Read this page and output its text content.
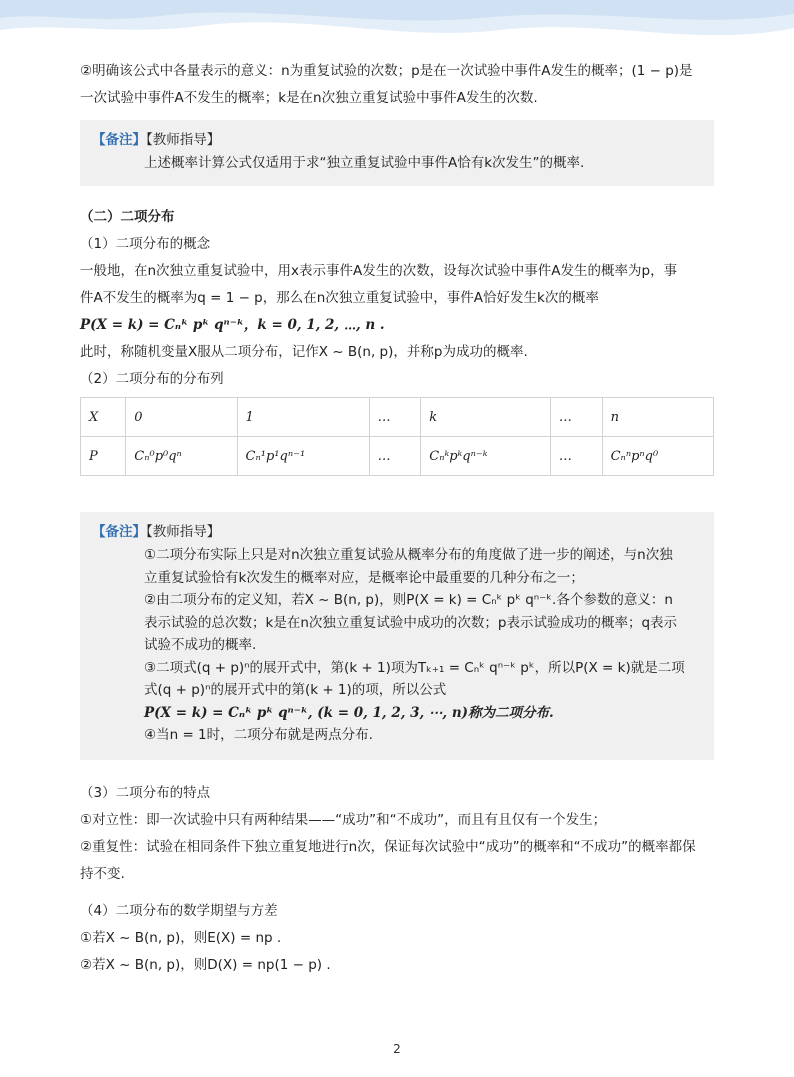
②明确该公式中各量表示的意义：n为重复试验的次数；p是在一次试验中事件A发生的概率；(1 − p)是

一次试验中事件A不发生的概率；k是在n次独立重复试验中事件A发生的次数.

【备注】【教师指导】
上述概率计算公式仅适用于求“独立重复试验中事件A恰有k次发生”的概率.
（二）二项分布

（1）二项分布的概念

一般地，在n次独立重复试验中，用x表示事件A发生的次数，设每次试验中事件A发生的概率为p，事

件A不发生的概率为q = 1 − p，那么在n次独立重复试验中，事件A恰好发生k次的概率

P(X = k) = Cₙᵏ pᵏ qⁿ⁻ᵏ，k = 0, 1, 2, ⋯, n .

此时，称随机变量X服从二项分布，记作X ~ B(n, p)，并称p为成功的概率.

（2）二项分布的分布列

X	0	1	…	k	…	n
P	Cₙ⁰p⁰qⁿ	Cₙ¹p¹qⁿ⁻¹	…	Cₙᵏpᵏqⁿ⁻ᵏ	…	Cₙⁿpⁿq⁰
【备注】【教师指导】
①二项分布实际上只是对n次独立重复试验从概率分布的角度做了进一步的阐述，与n次独
立重复试验恰有k次发生的概率对应，是概率论中最重要的几种分布之一；
②由二项分布的定义知，若X ~ B(n, p)，则P(X = k) = Cₙᵏ pᵏ qⁿ⁻ᵏ.各个参数的意义：n
表示试验的总次数；k是在n次独立重复试验中成功的次数；p表示试验成功的概率；q表示
试验不成功的概率.
③二项式(q + p)ⁿ的展开式中，第(k + 1)项为Tₖ₊₁ = Cₙᵏ qⁿ⁻ᵏ pᵏ，所以P(X = k)就是二项
式(q + p)ⁿ的展开式中的第(k + 1)的项，所以公式
P(X = k) = Cₙᵏ pᵏ qⁿ⁻ᵏ, (k = 0, 1, 2, 3, ⋯, n)称为二项分布.
④当n = 1时，二项分布就是两点分布.

（3）二项分布的特点

①对立性：即一次试验中只有两种结果——“成功”和“不成功”，而且有且仅有一个发生；

②重复性：试验在相同条件下独立重复地进行n次，保证每次试验中“成功”的概率和“不成功”的概率都保

持不变.

（4）二项分布的数学期望与方差

①若X ~ B(n, p)，则E(X) = np .

②若X ~ B(n, p)，则D(X) = np(1 − p) .

2
